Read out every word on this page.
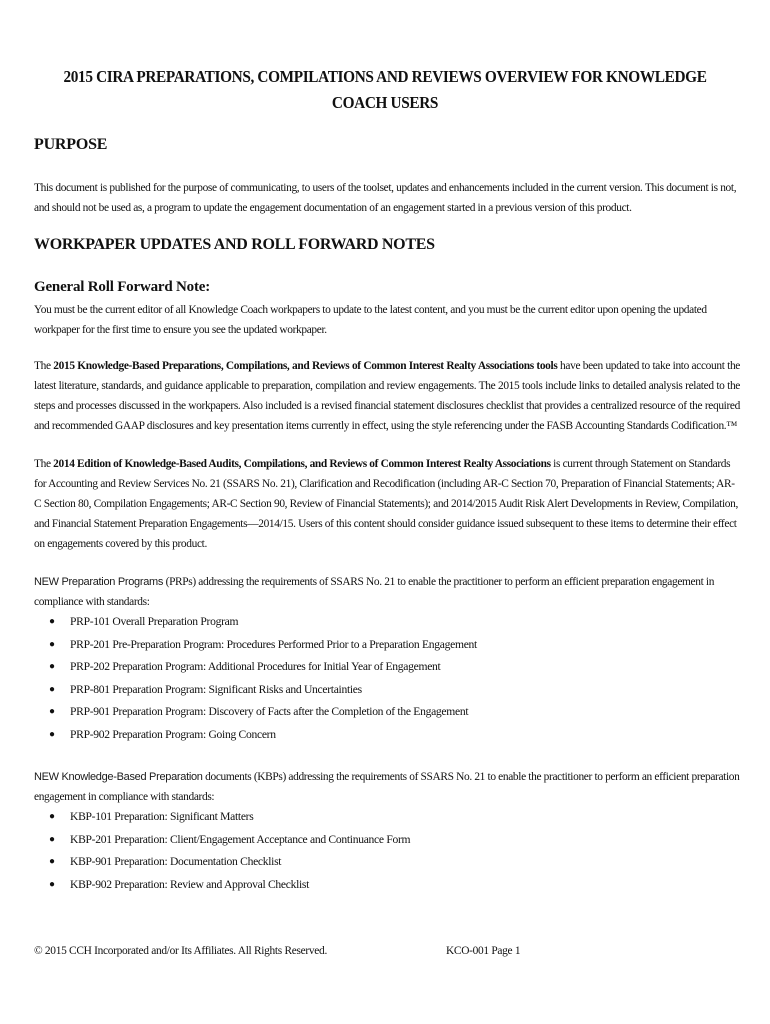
2015 CIRA PREPARATIONS, COMPILATIONS AND REVIEWS OVERVIEW FOR KNOWLEDGE COACH USERS
PURPOSE
This document is published for the purpose of communicating, to users of the toolset, updates and enhancements included in the current version. This document is not, and should not be used as, a program to update the engagement documentation of an engagement started in a previous version of this product.
WORKPAPER UPDATES AND ROLL FORWARD NOTES
General Roll Forward Note:
You must be the current editor of all Knowledge Coach workpapers to update to the latest content, and you must be the current editor upon opening the updated workpaper for the first time to ensure you see the updated workpaper.
The 2015 Knowledge-Based Preparations, Compilations, and Reviews of Common Interest Realty Associations tools have been updated to take into account the latest literature, standards, and guidance applicable to preparation, compilation and review engagements. The 2015 tools include links to detailed analysis related to the steps and processes discussed in the workpapers. Also included is a revised financial statement disclosures checklist that provides a centralized resource of the required and recommended GAAP disclosures and key presentation items currently in effect, using the style referencing under the FASB Accounting Standards Codification.™
The 2014 Edition of Knowledge-Based Audits, Compilations, and Reviews of Common Interest Realty Associations is current through Statement on Standards for Accounting and Review Services No. 21 (SSARS No. 21), Clarification and Recodification (including AR-C Section 70, Preparation of Financial Statements; AR-C Section 80, Compilation Engagements; AR-C Section 90, Review of Financial Statements); and 2014/2015 Audit Risk Alert Developments in Review, Compilation, and Financial Statement Preparation Engagements—2014/15. Users of this content should consider guidance issued subsequent to these items to determine their effect on engagements covered by this product.
NEW Preparation Programs (PRPs) addressing the requirements of SSARS No. 21 to enable the practitioner to perform an efficient preparation engagement in compliance with standards:
● PRP-101 Overall Preparation Program
● PRP-201 Pre-Preparation Program: Procedures Performed Prior to a Preparation Engagement
● PRP-202 Preparation Program: Additional Procedures for Initial Year of Engagement
● PRP-801 Preparation Program: Significant Risks and Uncertainties
● PRP-901 Preparation Program: Discovery of Facts after the Completion of the Engagement
● PRP-902 Preparation Program: Going Concern
NEW Knowledge-Based Preparation documents (KBPs) addressing the requirements of SSARS No. 21 to enable the practitioner to perform an efficient preparation engagement in compliance with standards:
● KBP-101 Preparation: Significant Matters
● KBP-201 Preparation: Client/Engagement Acceptance and Continuance Form
● KBP-901 Preparation: Documentation Checklist
● KBP-902 Preparation: Review and Approval Checklist
© 2015 CCH Incorporated and/or Its Affiliates. All Rights Reserved.	KCO-001 Page 1
